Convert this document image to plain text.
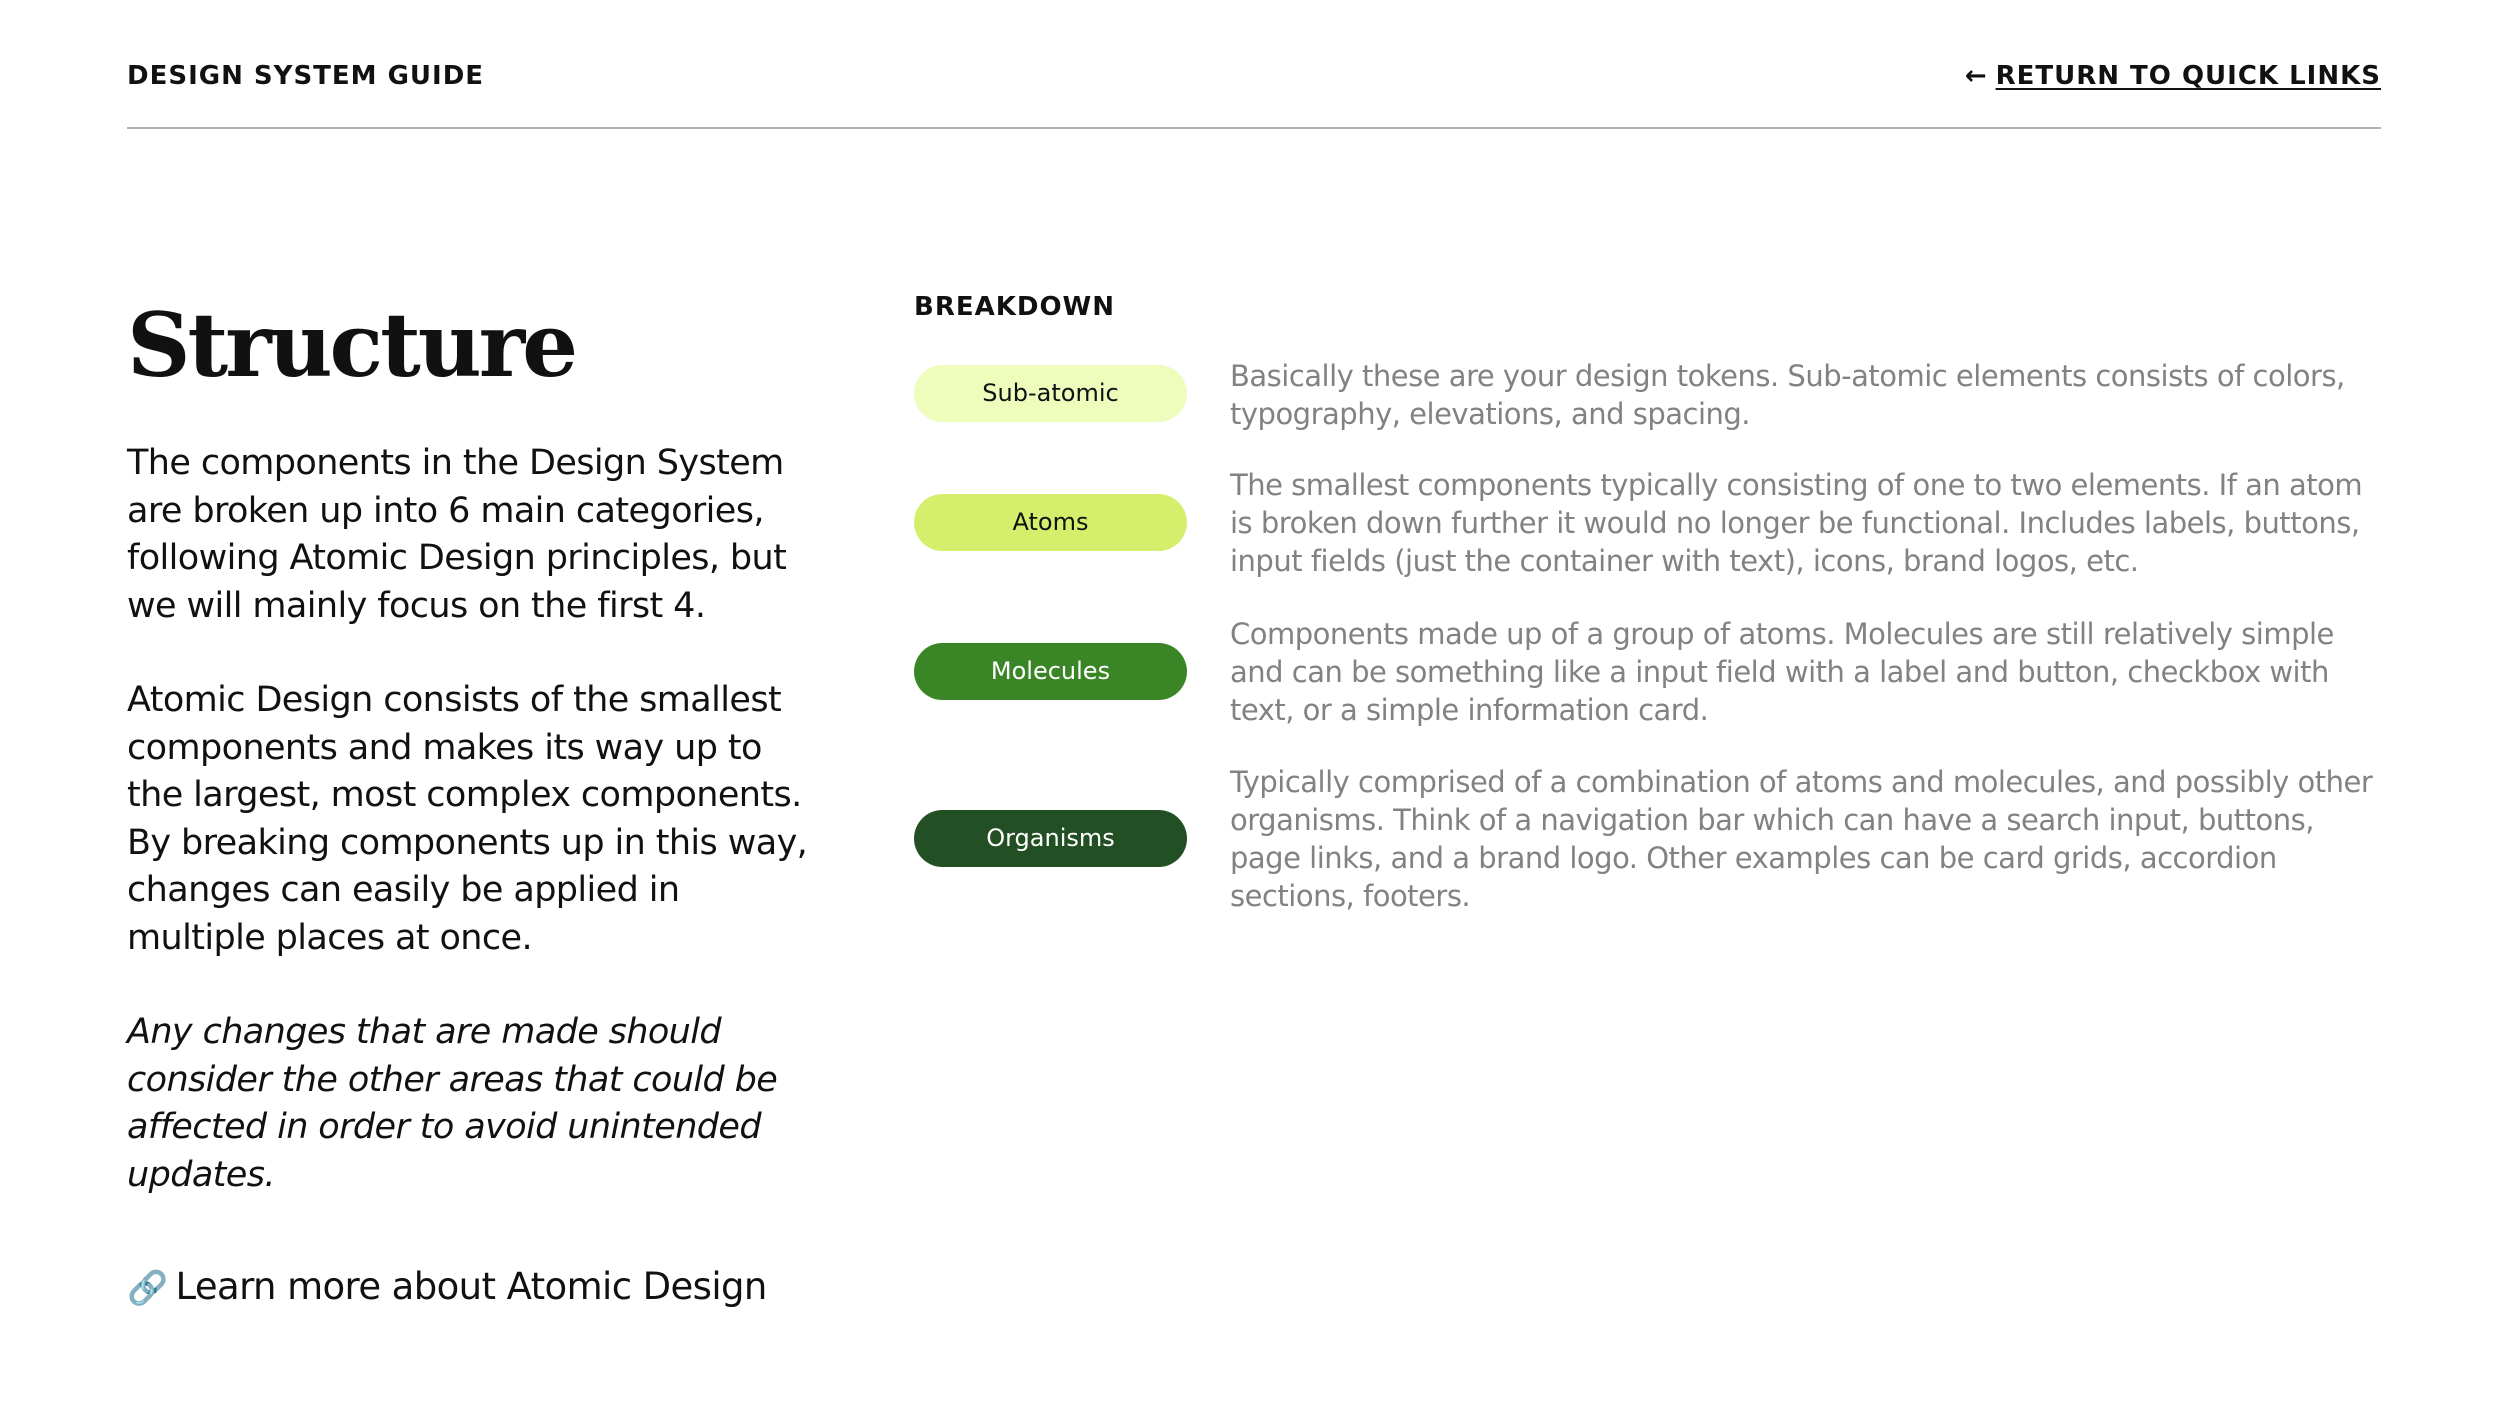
DESIGN SYSTEM GUIDE	← RETURN TO QUICK LINKS
Structure

The components in the Design System are broken up into 6 main categories, following Atomic Design principles, but we will mainly focus on the first 4.

Atomic Design consists of the smallest components and makes its way up to the largest, most complex components. By breaking components up in this way, changes can easily be applied in multiple places at once.

Any changes that are made should consider the other areas that could be affected in order to avoid unintended updates.

🔗 Learn more about Atomic Design
BREAKDOWN
Sub-atomic	Basically these are your design tokens. Sub-atomic elements consists of colors, typography, elevations, and spacing.

Atoms

The smallest components typically consisting of one to two elements. If an atom is broken down further it would no longer be functional. Includes labels, buttons, input fields (just the container with text), icons, brand logos, etc.

Molecules

Components made up of a group of atoms. Molecules are still relatively simple and can be something like a input field with a label and button, checkbox with text, or a simple information card.

Organisms

Typically comprised of a combination of atoms and molecules, and possibly other organisms. Think of a navigation bar which can have a search input, buttons, page links, and a brand logo. Other examples can be card grids, accordion sections, footers.
